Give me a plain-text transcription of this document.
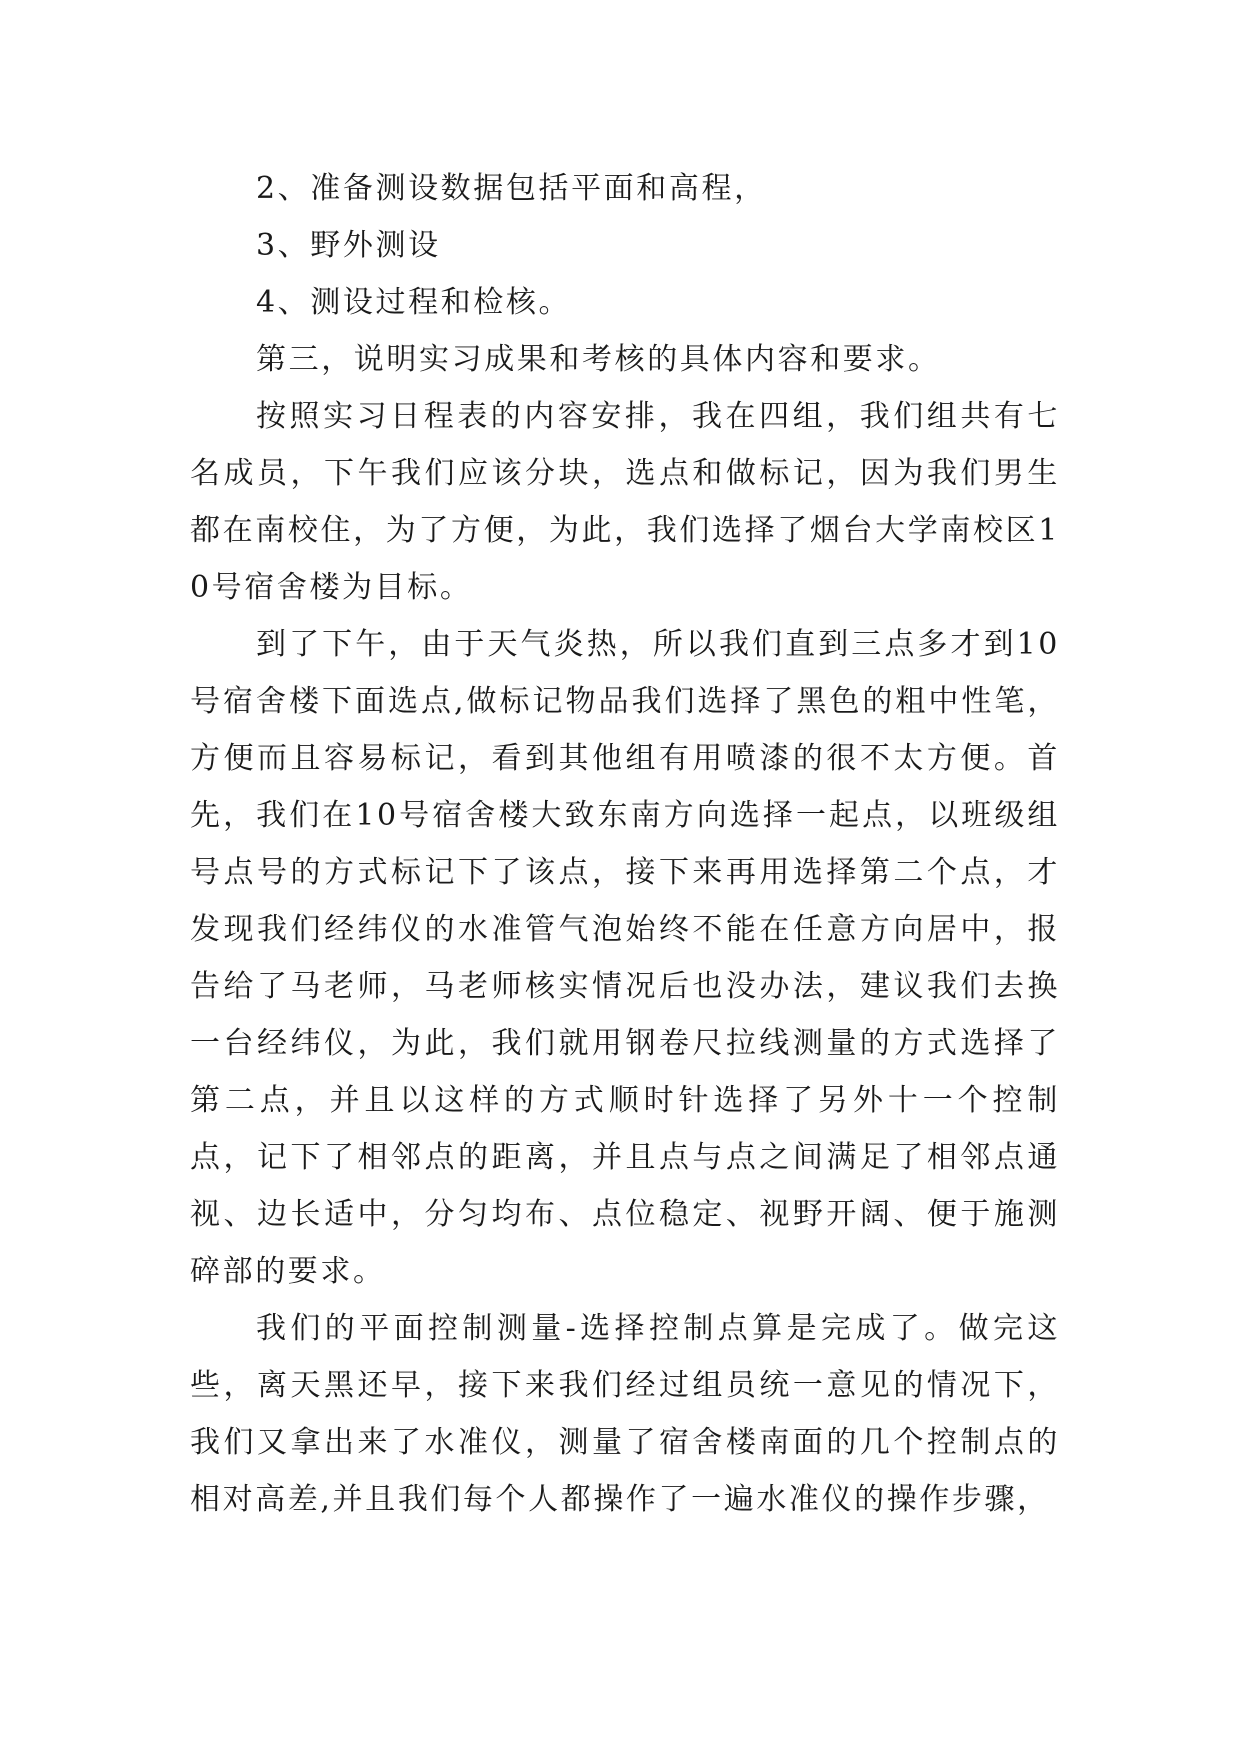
2、准备测设数据包括平面和高程，

3、野外测设

4、测设过程和检核。

第三，说明实习成果和考核的具体内容和要求。

按照实习日程表的内容安排，我在四组，我们组共有七名成员，下午我们应该分块，选点和做标记，因为我们男生都在南校住，为了方便，为此，我们选择了烟台大学南校区10号宿舍楼为目标。

到了下午，由于天气炎热，所以我们直到三点多才到10号宿舍楼下面选点,做标记物品我们选择了黑色的粗中性笔，方便而且容易标记，看到其他组有用喷漆的很不太方便。首先，我们在10号宿舍楼大致东南方向选择一起点，以班级组号点号的方式标记下了该点，接下来再用选择第二个点，才发现我们经纬仪的水准管气泡始终不能在任意方向居中，报告给了马老师，马老师核实情况后也没办法，建议我们去换一台经纬仪，为此，我们就用钢卷尺拉线测量的方式选择了第二点，并且以这样的方式顺时针选择了另外十一个控制点，记下了相邻点的距离，并且点与点之间满足了相邻点通视、边长适中，分匀均布、点位稳定、视野开阔、便于施测碎部的要求。

我们的平面控制测量-选择控制点算是完成了。做完这些，离天黑还早，接下来我们经过组员统一意见的情况下，我们又拿出来了水准仪，测量了宿舍楼南面的几个控制点的相对高差,并且我们每个人都操作了一遍水准仪的操作步骤，
